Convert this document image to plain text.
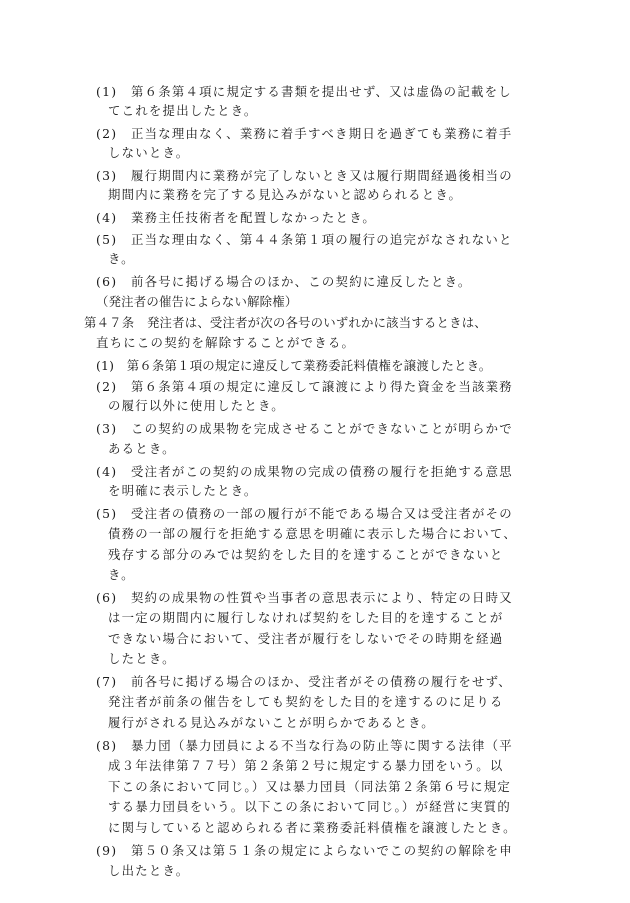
(1)　第６条第４項に規定する書類を提出せず、又は虚偽の記載をし
てこれを提出したとき。
(2)　正当な理由なく、業務に着手すべき期日を過ぎても業務に着手
しないとき。
(3)　履行期間内に業務が完了しないとき又は履行期間経過後相当の
期間内に業務を完了する見込みがないと認められるとき。
(4)　業務主任技術者を配置しなかったとき。
(5)　正当な理由なく、第４４条第１項の履行の追完がなされないと
き。
(6)　前各号に掲げる場合のほか、この契約に違反したとき。
（発注者の催告によらない解除権）
第４７条　発注者は、受注者が次の各号のいずれかに該当するときは、
直ちにこの契約を解除することができる。
(1)　第６条第１項の規定に違反して業務委託料債権を譲渡したとき。
(2)　第６条第４項の規定に違反して譲渡により得た資金を当該業務
の履行以外に使用したとき。
(3)　この契約の成果物を完成させることができないことが明らかで
あるとき。
(4)　受注者がこの契約の成果物の完成の債務の履行を拒絶する意思
を明確に表示したとき。
(5)　受注者の債務の一部の履行が不能である場合又は受注者がその
債務の一部の履行を拒絶する意思を明確に表示した場合において、
残存する部分のみでは契約をした目的を達することができないと
き。
(6)　契約の成果物の性質や当事者の意思表示により、特定の日時又
は一定の期間内に履行しなければ契約をした目的を達することが
できない場合において、受注者が履行をしないでその時期を経過
したとき。
(7)　前各号に掲げる場合のほか、受注者がその債務の履行をせず、
発注者が前条の催告をしても契約をした目的を達するのに足りる
履行がされる見込みがないことが明らかであるとき。
(8)　暴力団（暴力団員による不当な行為の防止等に関する法律（平
成３年法律第７７号）第２条第２号に規定する暴力団をいう。以
下この条において同じ。）又は暴力団員（同法第２条第６号に規定
する暴力団員をいう。以下この条において同じ。）が経営に実質的
に関与していると認められる者に業務委託料債権を譲渡したとき。
(9)　第５０条又は第５１条の規定によらないでこの契約の解除を申
し出たとき。
